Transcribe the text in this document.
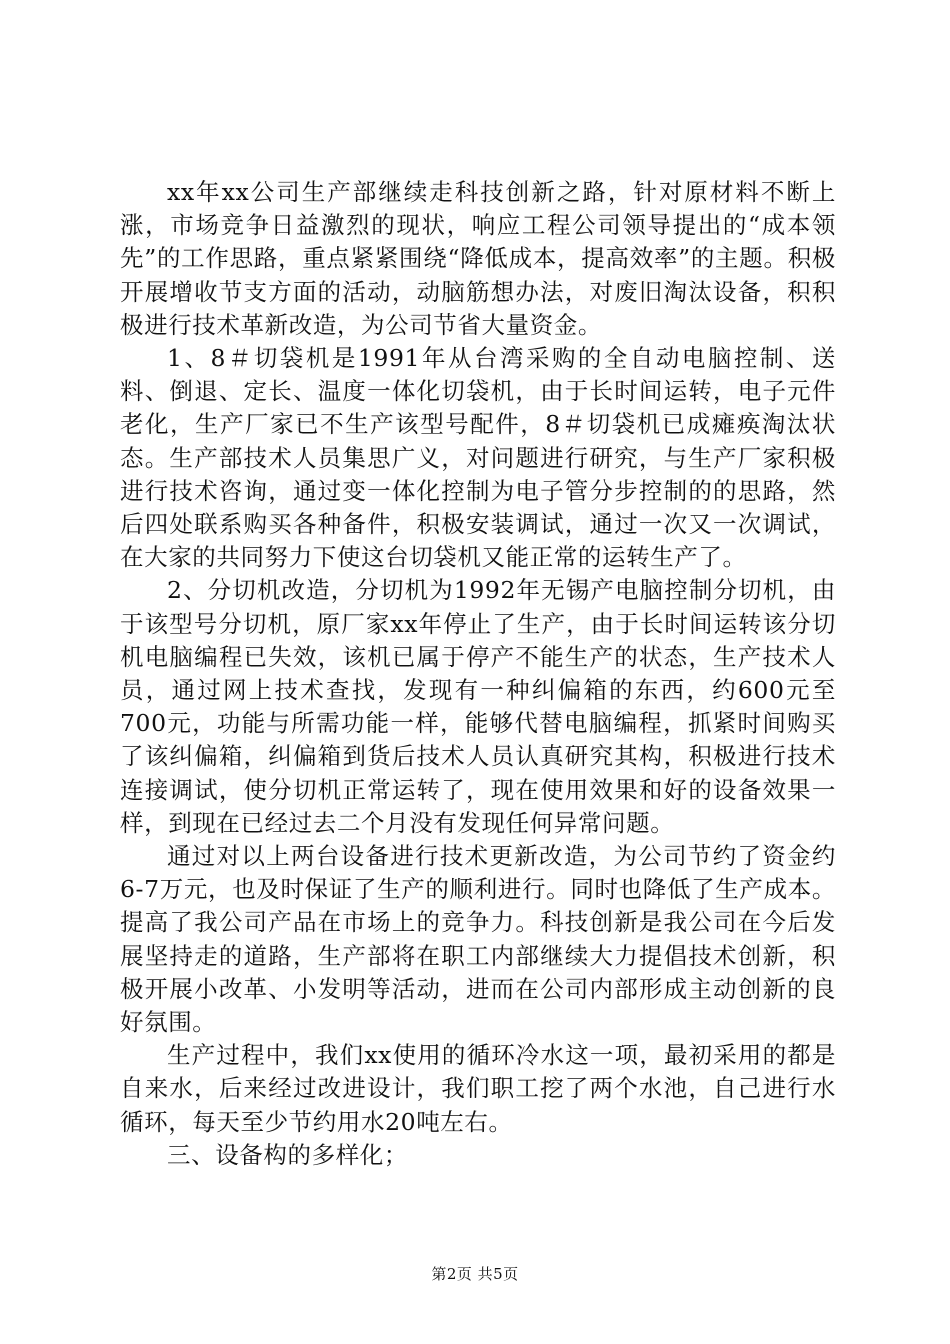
xx年xx公司生产部继续走科技创新之路，针对原材料不断上涨，市场竞争日益激烈的现状，响应工程公司领导提出的“成本领先”的工作思路，重点紧紧围绕“降低成本，提高效率”的主题。积极开展增收节支方面的活动，动脑筋想办法，对废旧淘汰设备，积积极进行技术革新改造，为公司节省大量资金。

1、8＃切袋机是1991年从台湾采购的全自动电脑控制、送料、倒退、定长、温度一体化切袋机，由于长时间运转，电子元件老化，生产厂家已不生产该型号配件，8＃切袋机已成瘫痪淘汰状态。生产部技术人员集思广义，对问题进行研究，与生产厂家积极进行技术咨询，通过变一体化控制为电子管分步控制的的思路，然后四处联系购买各种备件，积极安装调试，通过一次又一次调试，在大家的共同努力下使这台切袋机又能正常的运转生产了。

2、分切机改造，分切机为1992年无锡产电脑控制分切机，由于该型号分切机，原厂家xx年停止了生产，由于长时间运转该分切机电脑编程已失效，该机已属于停产不能生产的状态，生产技术人员，通过网上技术查找，发现有一种纠偏箱的东西，约600元至700元，功能与所需功能一样，能够代替电脑编程，抓紧时间购买了该纠偏箱，纠偏箱到货后技术人员认真研究其构，积极进行技术连接调试，使分切机正常运转了，现在使用效果和好的设备效果一样，到现在已经过去二个月没有发现任何异常问题。

通过对以上两台设备进行技术更新改造，为公司节约了资金约6-7万元，也及时保证了生产的顺利进行。同时也降低了生产成本。提高了我公司产品在市场上的竞争力。科技创新是我公司在今后发展坚持走的道路，生产部将在职工内部继续大力提倡技术创新，积极开展小改革、小发明等活动，进而在公司内部形成主动创新的良好氛围。

生产过程中，我们xx使用的循环冷水这一项，最初采用的都是自来水，后来经过改进设计，我们职工挖了两个水池，自己进行水循环，每天至少节约用水20吨左右。

三、设备构的多样化；

第2页 共5页
